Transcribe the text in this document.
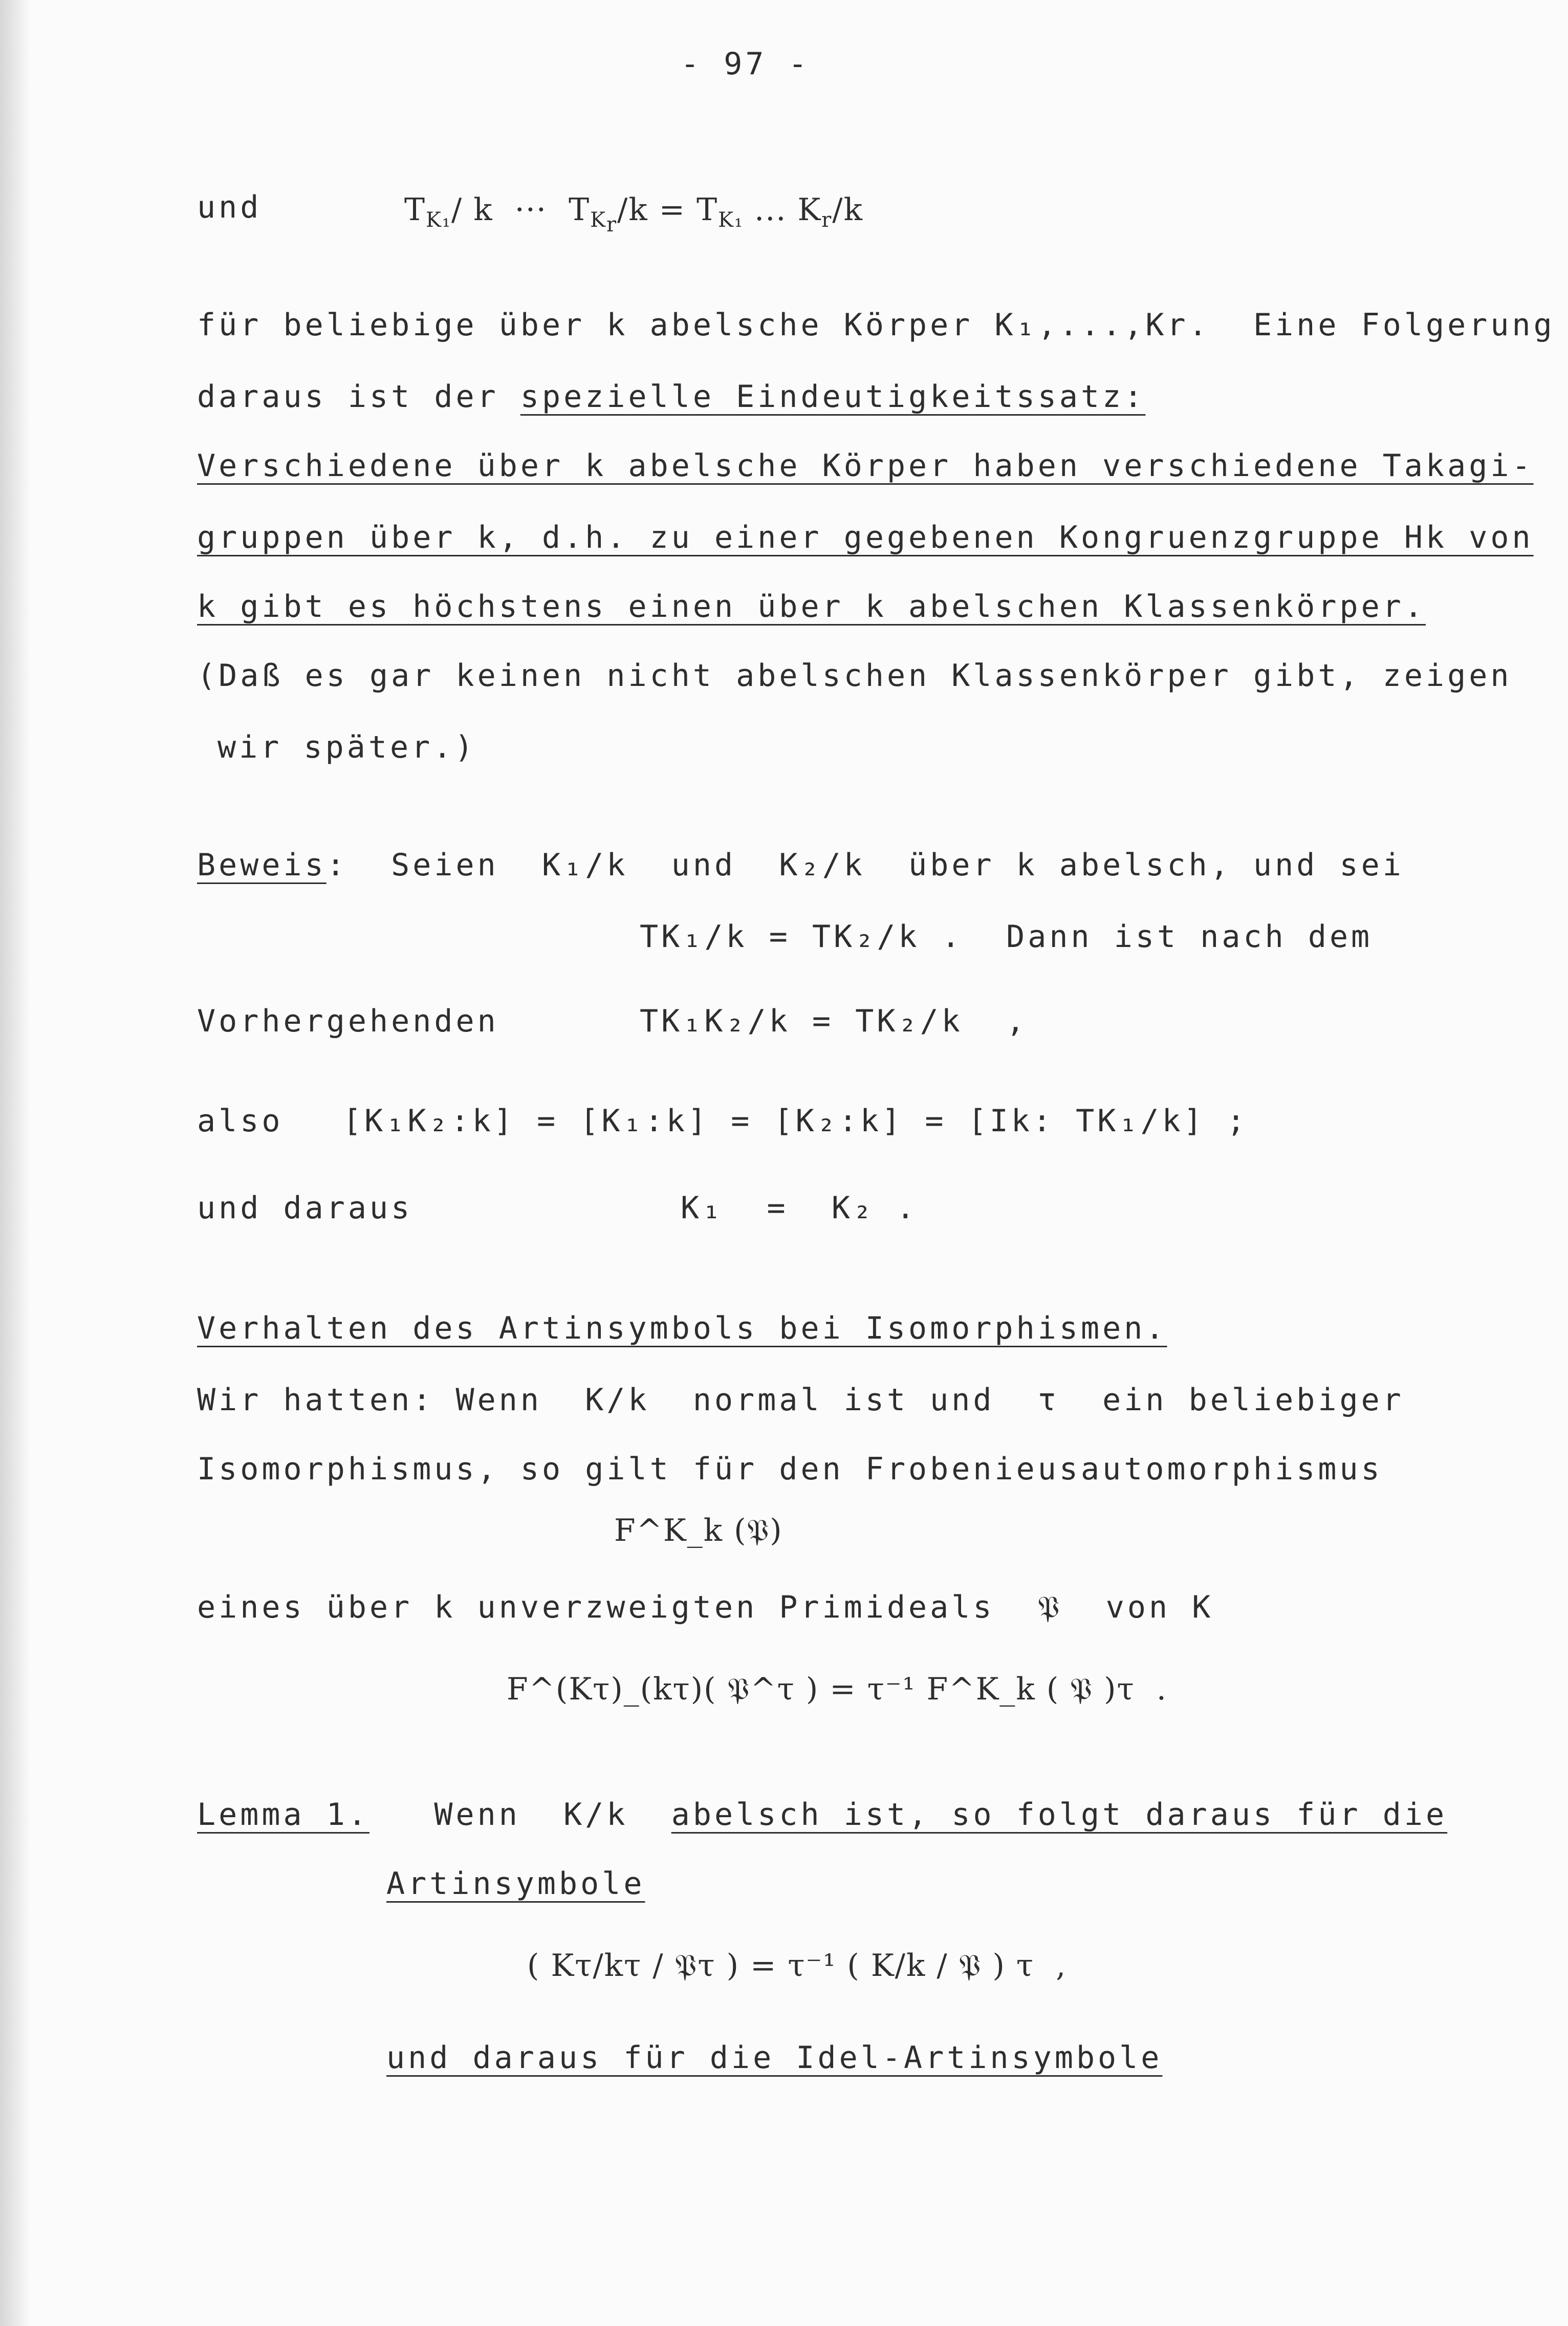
- 97 -
und	$T_{K_1}/$ k  ···  $T_{K_r}/k = T_{K_1}$ ... $K_r/k$
für beliebige über k abelsche Körper K₁,...,Kr.  Eine Folgerung
daraus ist der spezielle Eindeutigkeitssatz:
Verschiedene über k abelsche Körper haben verschiedene Takagi-
gruppen über k, d.h. zu einer gegebenen Kongruenzgruppe Hk von
k gibt es höchstens einen über k abelschen Klassenkörper.
(Daß es gar keinen nicht abelschen Klassenkörper gibt, zeigen
wir später.)
Beweis:  Seien  K₁/k  und  K₂/k  über k abelsch, und sei
TK₁/k = TK₂/k .  Dann ist nach dem
Vorhergehenden	TK₁K₂/k = TK₂/k  ,
also [K₁K₂:k] = [K₁:k] = [K₂:k] = [Ik: TK₁/k] ;
und daraus	K₁  =  K₂ .
Verhalten des Artinsymbols bei Isomorphismen.
Wir hatten: Wenn  K/k  normal ist und  τ  ein beliebiger
Isomorphismus, so gilt für den Frobenieusautomorphismus
F^K_k (𝔓)
eines über k unverzweigten Primideals  𝔓  von K
F^(Kτ)_(kτ)( 𝔓^τ ) = τ⁻¹ F^K_k ( 𝔓 )τ  .
Lemma 1. Wenn  K/k  abelsch ist, so folgt daraus für die
Artinsymbole
( Kτ/kτ / 𝔓τ ) = τ⁻¹ ( K/k / 𝔓 ) τ  ,
und daraus für die Idel-Artinsymbole
